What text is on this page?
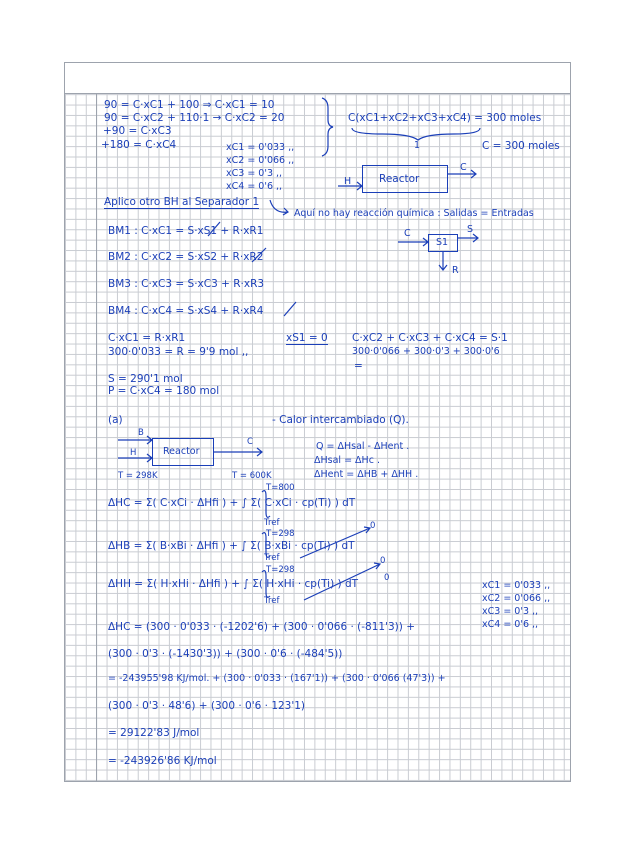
90 = C·xC1 + 100 ⇒ C·xC1 = 10
90 = C·xC2 + 110·1 → C·xC2 = 20
+90 = C·xC3
+180 = C·xC4
C(xC1+xC2+xC3+xC4) = 300 moles
1	C = 300 moles
xC1 = 0'033 ,,
xC2 = 0'066 ,,
xC3 = 0'3 ,,
xC4 = 0'6 ,,
Reactor
H
C
Aplico otro BH al Separador 1
Aquí no hay reacción química : Salidas = Entradas
S1
C	S
R
BM1 : C·xC1 = S·xS1 + R·xR1
BM2 : C·xC2 = S·xS2 + R·xR2
BM3 : C·xC3 = S·xC3 + R·xR3
BM4 : C·xC4 = S·xS4 + R·xR4
C·xC1 = R·xR1
300·0'033 = R = 9'9 mol ,,
xS1 = 0 C·xC2 + C·xC3 + C·xC4 = S·1
300·0'066 + 300·0'3 + 300·0'6
=
S = 290'1 mol
P = C·xC4 = 180 mol
(a)	- Calor intercambiado (Q).
Reactor
B
H
C
T = 298K	T = 600K
Q = ΔHsal - ΔHent .
ΔHsal = ΔHc .
ΔHent = ΔHB + ΔHH .
T=800
ΔHC = Σ( C·xCi · ΔHfi ) + ∫ Σ( C·xCi · cp(Ti) ) dT
Tref
T=298
ΔHB = Σ( B·xBi · ΔHfi ) + ∫ Σ( B·xBi · cp(Ti) ) dT
Tref
T=298
ΔHH = Σ( H·xHi · ΔHfi ) + ∫ Σ( H·xHi · cp(Ti) ) dT
Tref
0
0
0
xC1 = 0'033 ,,
xC2 = 0'066 ,,
xC3 = 0'3 ,,
xC4 = 0'6 ,,
ΔHC = (300 · 0'033 · (-1202'6) + (300 · 0'066 · (-811'3)) +
(300 · 0'3 · (-1430'3)) + (300 · 0'6 · (-484'5))
= -243955'98 KJ/mol. + (300 · 0'033 · (167'1)) + (300 · 0'066 (47'3)) +
(300 · 0'3 · 48'6) + (300 · 0'6 · 123'1)
= 29122'83 J/mol
= -243926'86 KJ/mol
